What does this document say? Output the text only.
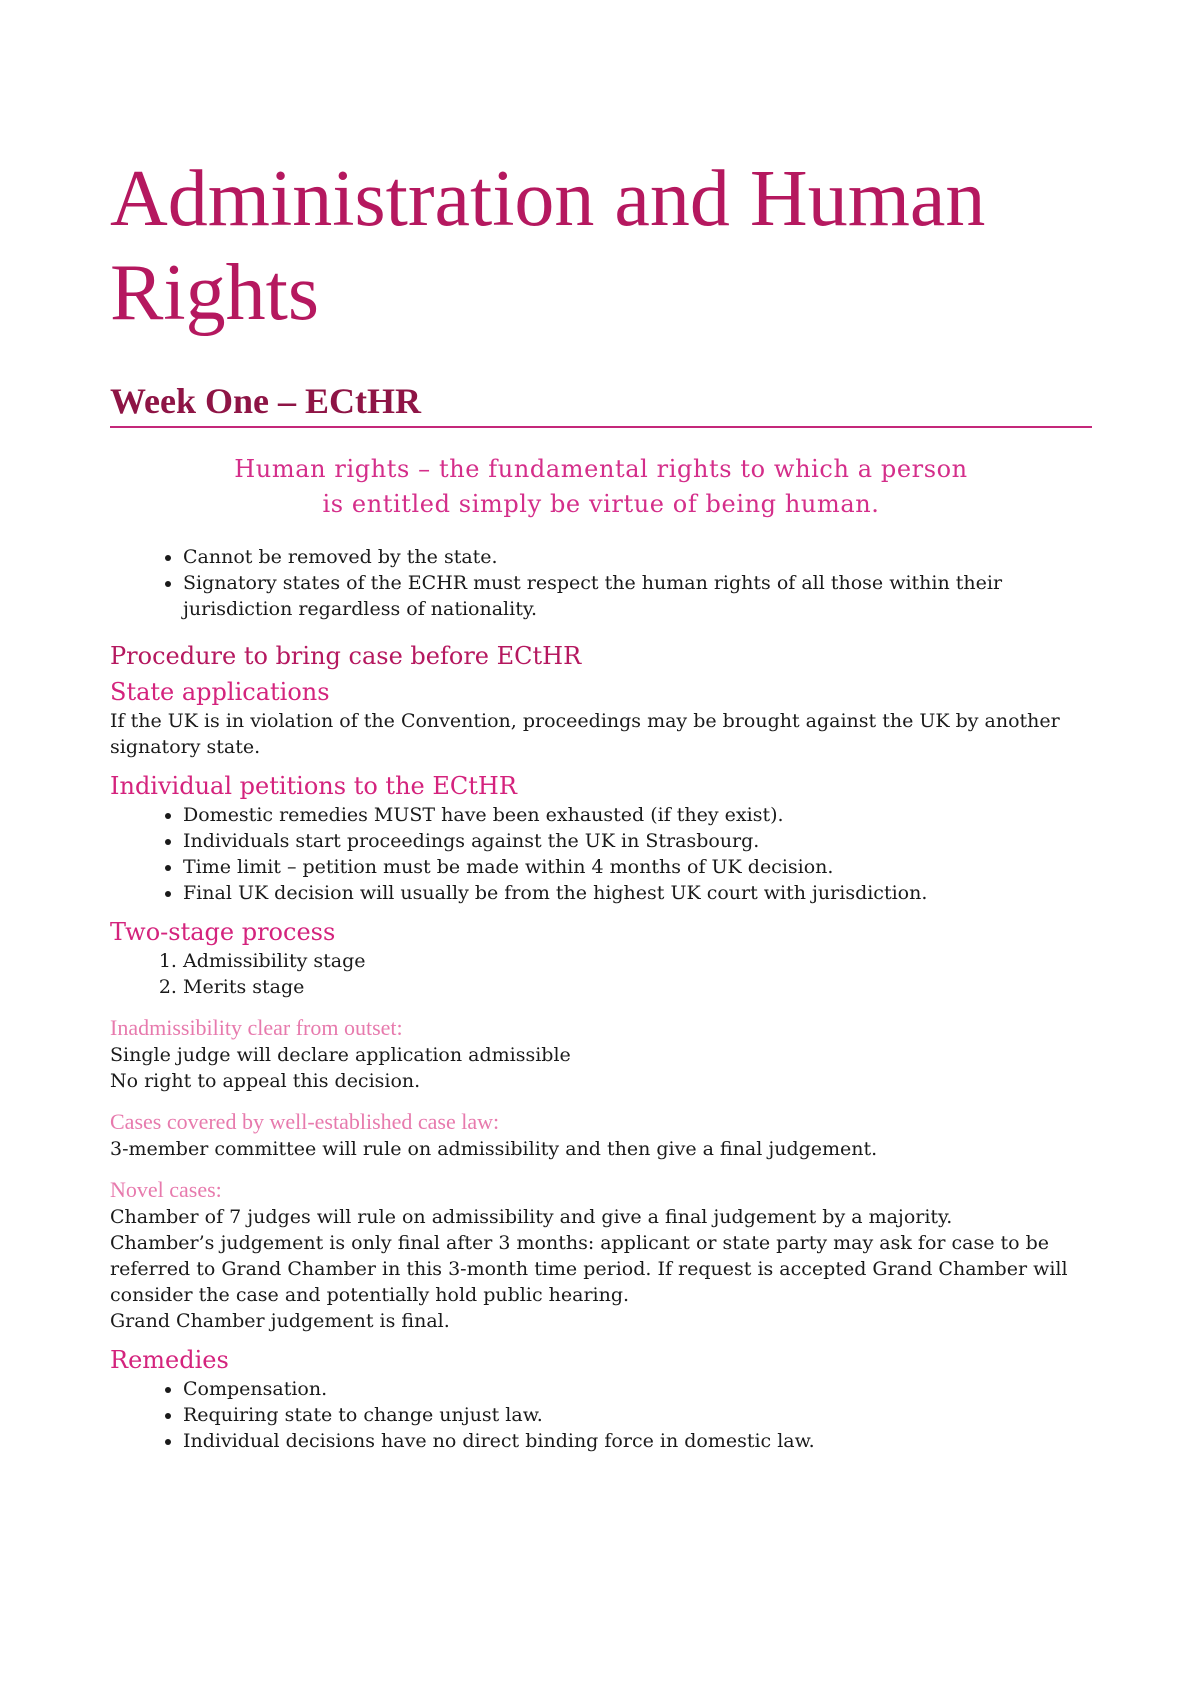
Administration and Human Rights
Week One – ECtHR
Human rights – the fundamental rights to which a person is entitled simply be virtue of being human.
• Cannot be removed by the state.
• Signatory states of the ECHR must respect the human rights of all those within their jurisdiction regardless of nationality.
Procedure to bring case before ECtHR
State applications

If the UK is in violation of the Convention, proceedings may be brought against the UK by another signatory state.

Individual petitions to the ECtHR
• Domestic remedies MUST have been exhausted (if they exist).
• Individuals start proceedings against the UK in Strasbourg.
• Time limit – petition must be made within 4 months of UK decision.
• Final UK decision will usually be from the highest UK court with jurisdiction.
Two-stage process
1. Admissibility stage
2. Merits stage
Inadmissibility clear from outset:

Single judge will declare application admissible

No right to appeal this decision.

Cases covered by well-established case law:

3-member committee will rule on admissibility and then give a final judgement.

Novel cases:

Chamber of 7 judges will rule on admissibility and give a final judgement by a majority.

Chamber’s judgement is only final after 3 months: applicant or state party may ask for case to be referred to Grand Chamber in this 3-month time period. If request is accepted Grand Chamber will consider the case and potentially hold public hearing.

Grand Chamber judgement is final.

Remedies
• Compensation.
• Requiring state to change unjust law.
• Individual decisions have no direct binding force in domestic law.
